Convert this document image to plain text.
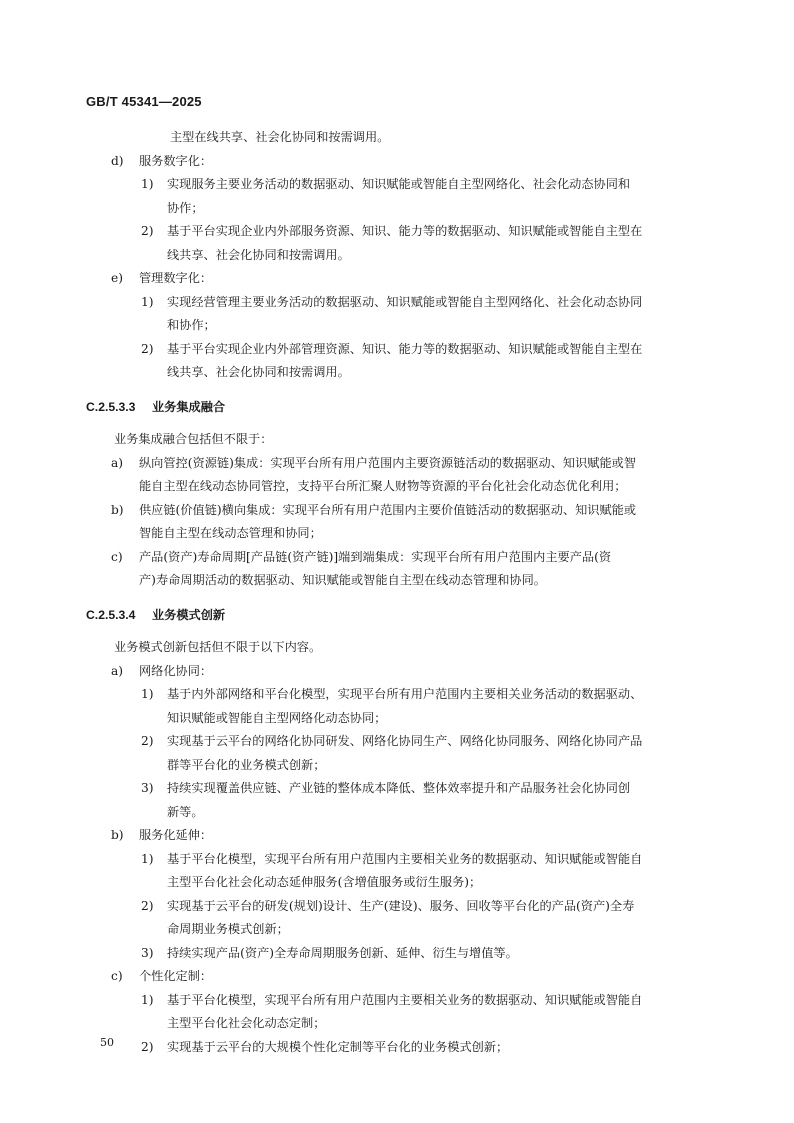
GB/T 45341—2025
主型在线共享、社会化协同和按需调用。
d)	服务数字化：
1)	实现服务主要业务活动的数据驱动、知识赋能或智能自主型网络化、社会化动态协同和
协作；
2)	基于平台实现企业内外部服务资源、知识、能力等的数据驱动、知识赋能或智能自主型在
线共享、社会化协同和按需调用。
e)	管理数字化：
1)	实现经营管理主要业务活动的数据驱动、知识赋能或智能自主型网络化、社会化动态协同
和协作；
2)	基于平台实现企业内外部管理资源、知识、能力等的数据驱动、知识赋能或智能自主型在
线共享、社会化协同和按需调用。
C.2.5.3.3 业务集成融合
业务集成融合包括但不限于：
a)	纵向管控(资源链)集成：实现平台所有用户范围内主要资源链活动的数据驱动、知识赋能或智
能自主型在线动态协同管控，支持平台所汇聚人财物等资源的平台化社会化动态优化利用；
b)	供应链(价值链)横向集成：实现平台所有用户范围内主要价值链活动的数据驱动、知识赋能或
智能自主型在线动态管理和协同；
c)	产品(资产)寿命周期[产品链(资产链)]端到端集成：实现平台所有用户范围内主要产品(资
产)寿命周期活动的数据驱动、知识赋能或智能自主型在线动态管理和协同。
C.2.5.3.4 业务模式创新
业务模式创新包括但不限于以下内容。
a)	网络化协同：
1)	基于内外部网络和平台化模型，实现平台所有用户范围内主要相关业务活动的数据驱动、
知识赋能或智能自主型网络化动态协同；
2)	实现基于云平台的网络化协同研发、网络化协同生产、网络化协同服务、网络化协同产品
群等平台化的业务模式创新；
3)	持续实现覆盖供应链、产业链的整体成本降低、整体效率提升和产品服务社会化协同创
新等。
b)	服务化延伸：
1)	基于平台化模型，实现平台所有用户范围内主要相关业务的数据驱动、知识赋能或智能自
主型平台化社会化动态延伸服务(含增值服务或衍生服务)；
2)	实现基于云平台的研发(规划)设计、生产(建设)、服务、回收等平台化的产品(资产)全寿
命周期业务模式创新；
3)	持续实现产品(资产)全寿命周期服务创新、延伸、衍生与增值等。
c)	个性化定制：
1)	基于平台化模型，实现平台所有用户范围内主要相关业务的数据驱动、知识赋能或智能自
主型平台化社会化动态定制；
2)	实现基于云平台的大规模个性化定制等平台化的业务模式创新；
50
